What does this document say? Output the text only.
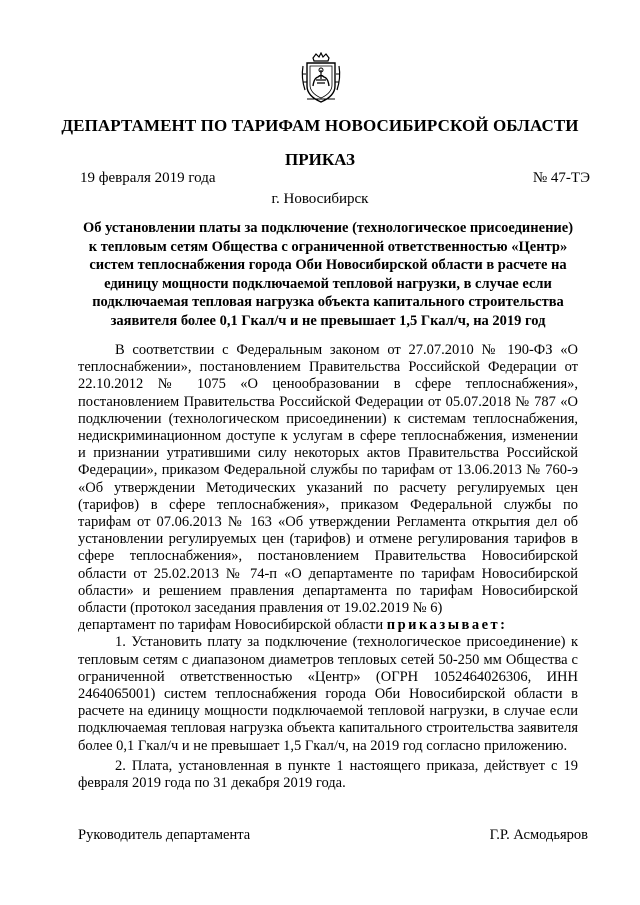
ДЕПАРТАМЕНТ ПО ТАРИФАМ НОВОСИБИРСКОЙ ОБЛАСТИ
ПРИКАЗ
19 февраля 2019 года	№ 47-ТЭ
г. Новосибирск
Об установлении платы за подключение (технологическое присоединение) к тепловым сетям Общества с ограниченной ответственностью «Центр» систем теплоснабжения города Оби Новосибирской области в расчете на единицу мощности подключаемой тепловой нагрузки, в случае если подключаемая тепловая нагрузка объекта капитального строительства заявителя более 0,1 Гкал/ч и не превышает 1,5 Гкал/ч, на 2019 год

В соответствии с Федеральным законом от 27.07.2010 № 190-ФЗ «О теплоснабжении», постановлением Правительства Российской Федерации от 22.10.2012 № 1075 «О ценообразовании в сфере теплоснабжения», постановлением Правительства Российской Федерации от 05.07.2018 № 787 «О подключении (технологическом присоединении) к системам теплоснабжения, недискриминационном доступе к услугам в сфере теплоснабжения, изменении и признании утратившими силу некоторых актов Правительства Российской Федерации», приказом Федеральной службы по тарифам от 13.06.2013 № 760-э «Об утверждении Методических указаний по расчету регулируемых цен (тарифов) в сфере теплоснабжения», приказом Федеральной службы по тарифам от 07.06.2013 № 163 «Об утверждении Регламента открытия дел об установлении регулируемых цен (тарифов) и отмене регулирования тарифов в сфере теплоснабжения», постановлением Правительства Новосибирской области от 25.02.2013 № 74-п «О департаменте по тарифам Новосибирской области» и решением правления департамента по тарифам Новосибирской области (протокол заседания правления от 19.02.2019 № 6)

департамент по тарифам Новосибирской области приказывает:

1. Установить плату за подключение (технологическое присоединение) к тепловым сетям с диапазоном диаметров тепловых сетей 50-250 мм Общества с ограниченной ответственностью «Центр» (ОГРН 1052464026306, ИНН 2464065001) систем теплоснабжения города Оби Новосибирской области в расчете на единицу мощности подключаемой тепловой нагрузки, в случае если подключаемая тепловая нагрузка объекта капитального строительства заявителя более 0,1 Гкал/ч и не превышает 1,5 Гкал/ч, на 2019 год согласно приложению.

2. Плата, установленная в пункте 1 настоящего приказа, действует с 19 февраля 2019 года по 31 декабря 2019 года.

Руководитель департамента	Г.Р. Асмодьяров
